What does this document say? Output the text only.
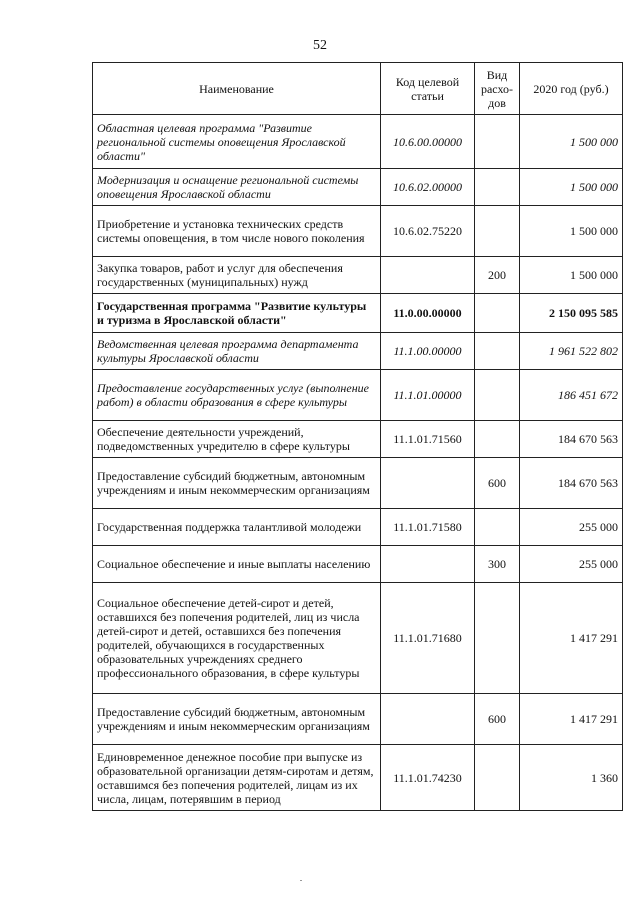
52
Наименование	Код целевой статьи	Вид расхо-дов	2020 год (руб.)
Областная целевая программа "Развитие региональной системы оповещения Ярославской области"	10.6.00.00000		1 500 000
Модернизация и оснащение региональной системы оповещения Ярославской области	10.6.02.00000		1 500 000
Приобретение и установка технических средств системы оповещения, в том числе нового поколения	10.6.02.75220		1 500 000
Закупка товаров, работ и услуг для обеспечения государственных (муниципальных) нужд		200	1 500 000
Государственная программа "Развитие культуры и туризма в Ярославской области"	11.0.00.00000		2 150 095 585
Ведомственная целевая программа департамента культуры Ярославской области	11.1.00.00000		1 961 522 802
Предоставление государственных услуг (выполнение работ) в области образования в сфере культуры	11.1.01.00000		186 451 672
Обеспечение деятельности учреждений, подведомственных учредителю в сфере культуры	11.1.01.71560		184 670 563
Предоставление субсидий бюджетным, автономным учреждениям и иным некоммерческим организациям		600	184 670 563
Государственная поддержка талантливой молодежи	11.1.01.71580		255 000
Социальное обеспечение и иные выплаты населению		300	255 000
Социальное обеспечение детей-сирот и детей, оставшихся без попечения родителей, лиц из числа детей-сирот и детей, оставшихся без попечения родителей, обучающихся в государственных образовательных учреждениях среднего профессионального образования, в сфере культуры	11.1.01.71680		1 417 291
Предоставление субсидий бюджетным, автономным учреждениям и иным некоммерческим организациям		600	1 417 291
Единовременное денежное пособие при выпуске из образовательной организации детям-сиротам и детям, оставшимся без попечения родителей, лицам из их числа, лицам, потерявшим в период	11.1.01.74230		1 360
